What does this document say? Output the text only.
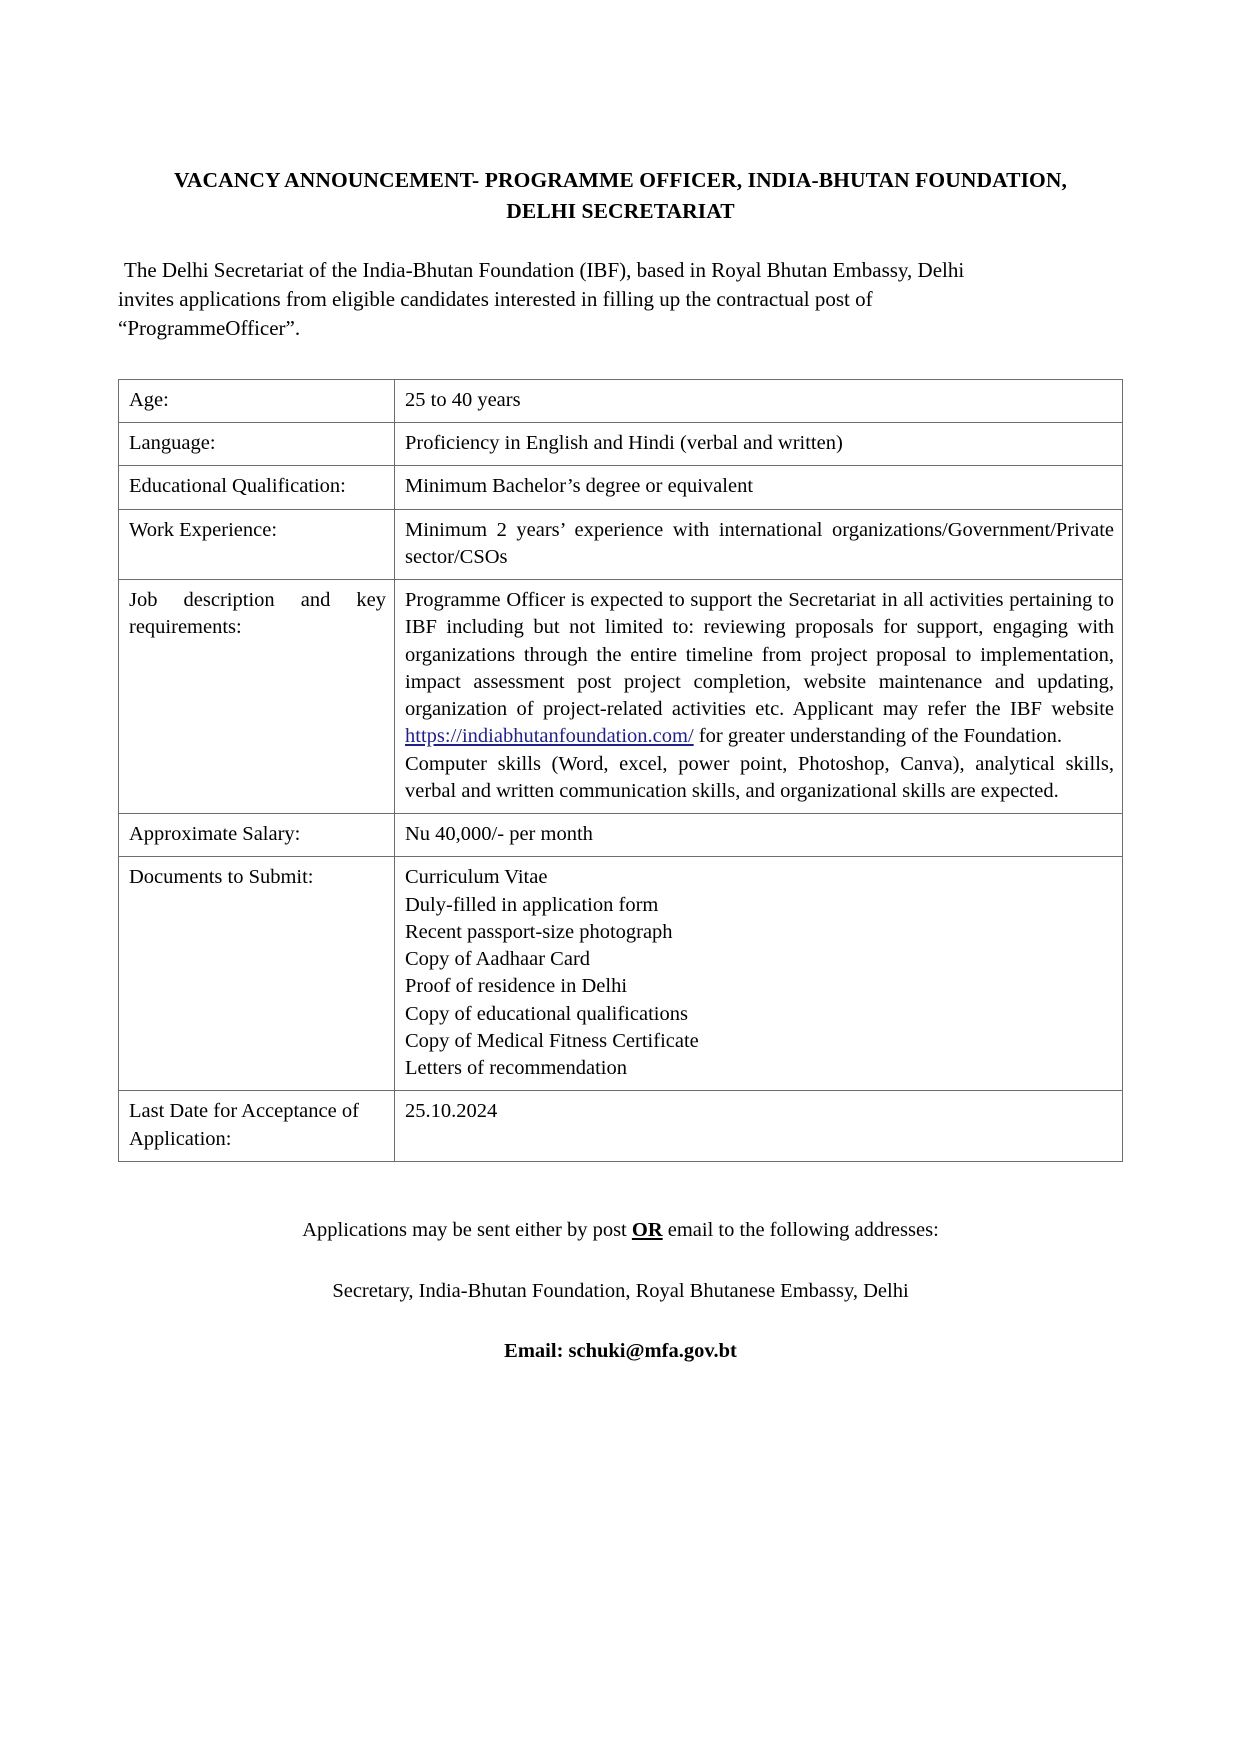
VACANCY ANNOUNCEMENT- PROGRAMME OFFICER, INDIA-BHUTAN FOUNDATION,
DELHI SECRETARIAT
The Delhi Secretariat of the India-Bhutan Foundation (IBF), based in Royal Bhutan Embassy, Delhi
invites applications from eligible candidates interested in filling up the contractual post of
“ProgrammeOfficer”.
Age:	25 to 40 years
Language:	Proficiency in English and Hindi (verbal and written)
Educational Qualification:	Minimum Bachelor’s degree or equivalent
Work Experience:	Minimum 2 years’ experience with international organizations/Government/Private sector/CSOs
Job description and key requirements:	Programme Officer is expected to support the Secretariat in all activities pertaining to IBF including but not limited to: reviewing proposals for support, engaging with organizations through the entire timeline from project proposal to implementation, impact assessment post project completion, website maintenance and updating, organization of project-related activities etc. Applicant may refer the IBF website https://indiabhutanfoundation.com/ for greater understanding of the Foundation.

Computer skills (Word, excel, power point, Photoshop, Canva), analytical skills, verbal and written communication skills, and organizational skills are expected.

Approximate Salary:	Nu 40,000/- per month
Documents to Submit:	Curriculum Vitae
Duly-filled in application form
Recent passport-size photograph
Copy of Aadhaar Card
Proof of residence in Delhi
Copy of educational qualifications
Copy of Medical Fitness Certificate
Letters of recommendation

Last Date for Acceptance of Application:	25.10.2024

Applications may be sent either by post OR email to the following addresses:

Secretary, India-Bhutan Foundation, Royal Bhutanese Embassy, Delhi

Email: schuki@mfa.gov.bt
